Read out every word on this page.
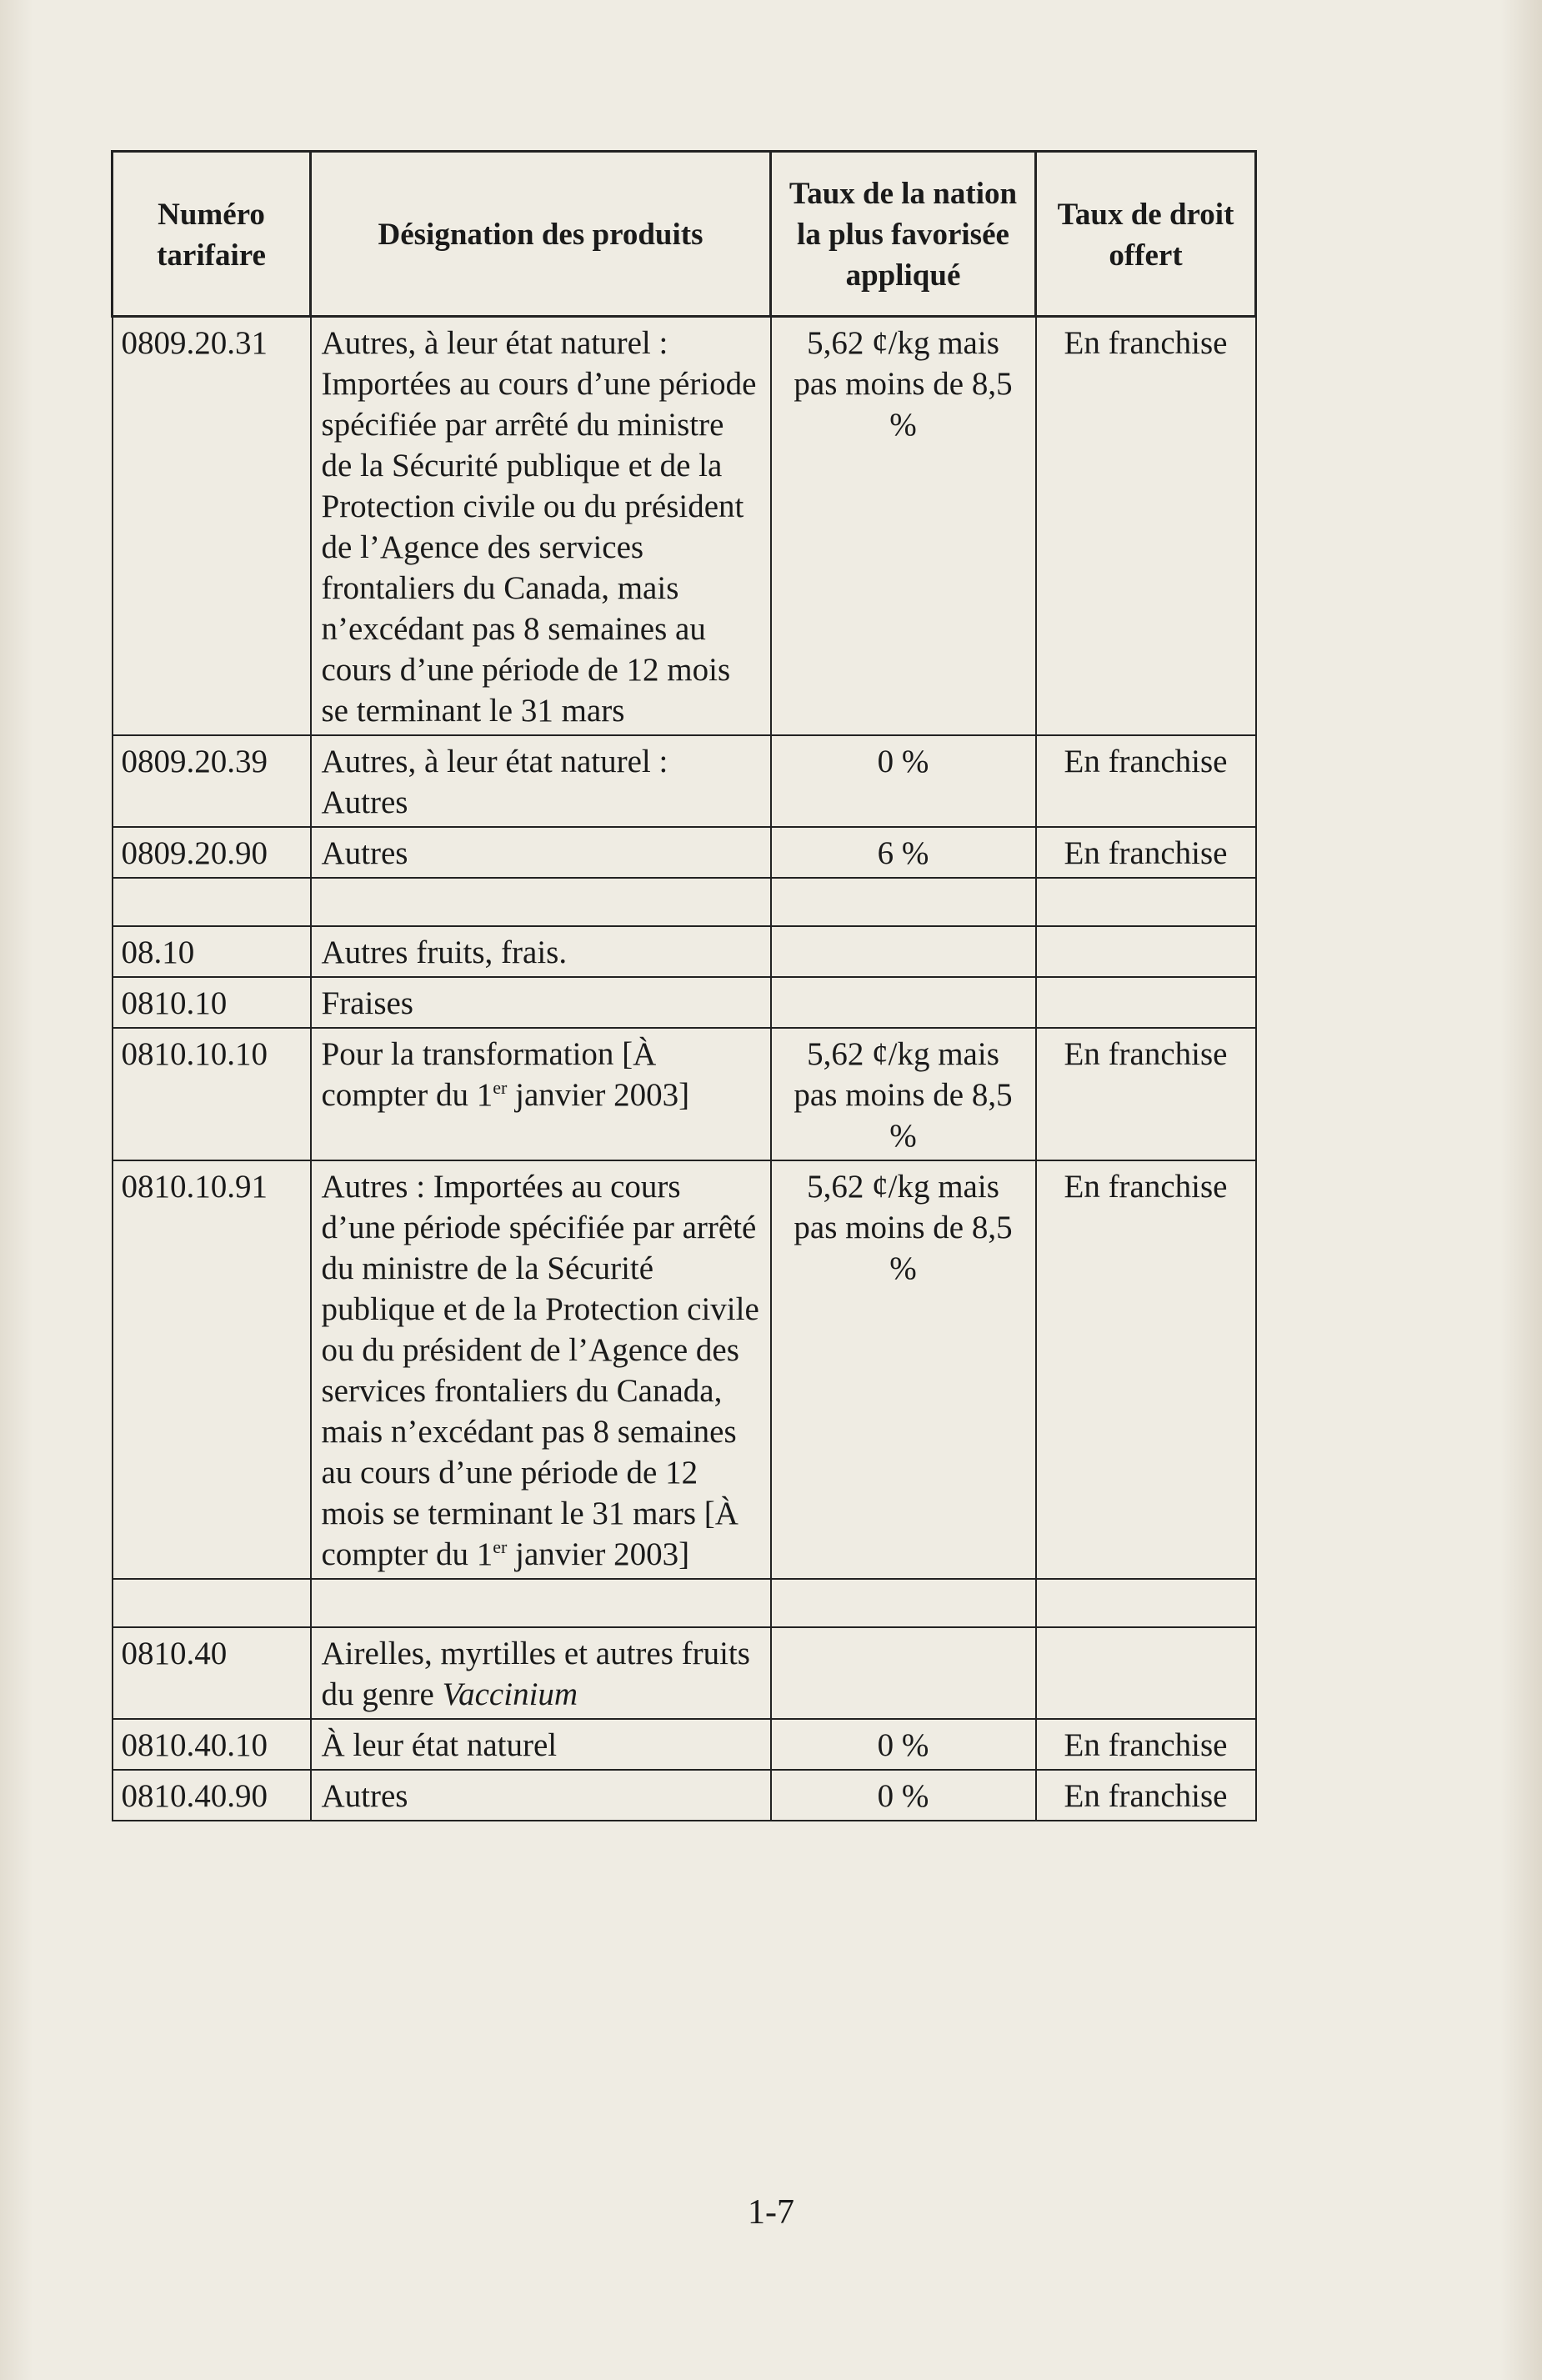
Numéro tarifaire	Désignation des produits	Taux de la nation la plus favorisée appliqué	Taux de droit offert
0809.20.31	Autres, à leur état naturel : Importées au cours d’une période spécifiée par arrêté du ministre de la Sécurité publique et de la Protection civile ou du président de l’Agence des services frontaliers du Canada, mais n’excédant pas 8 semaines au cours d’une période de 12 mois se terminant le 31 mars	5,62 ¢/kg mais pas moins de 8,5 %	En franchise
0809.20.39	Autres, à leur état naturel : Autres	0 %	En franchise
0809.20.90	Autres	6 %	En franchise

08.10	Autres fruits, frais.		
0810.10	Fraises		
0810.10.10	Pour la transformation [À compter du 1er janvier 2003]	5,62 ¢/kg mais pas moins de 8,5 %	En franchise
0810.10.91	Autres : Importées au cours d’une période spécifiée par arrêté du ministre de la Sécurité publique et de la Protection civile ou du président de l’Agence des services frontaliers du Canada, mais n’excédant pas 8 semaines au cours d’une période de 12 mois se terminant le 31 mars [À compter du 1er janvier 2003]	5,62 ¢/kg mais pas moins de 8,5 %	En franchise

0810.40	Airelles, myrtilles et autres fruits du genre Vaccinium		
0810.40.10	À leur état naturel	0 %	En franchise
0810.40.90	Autres	0 %	En franchise
1-7
